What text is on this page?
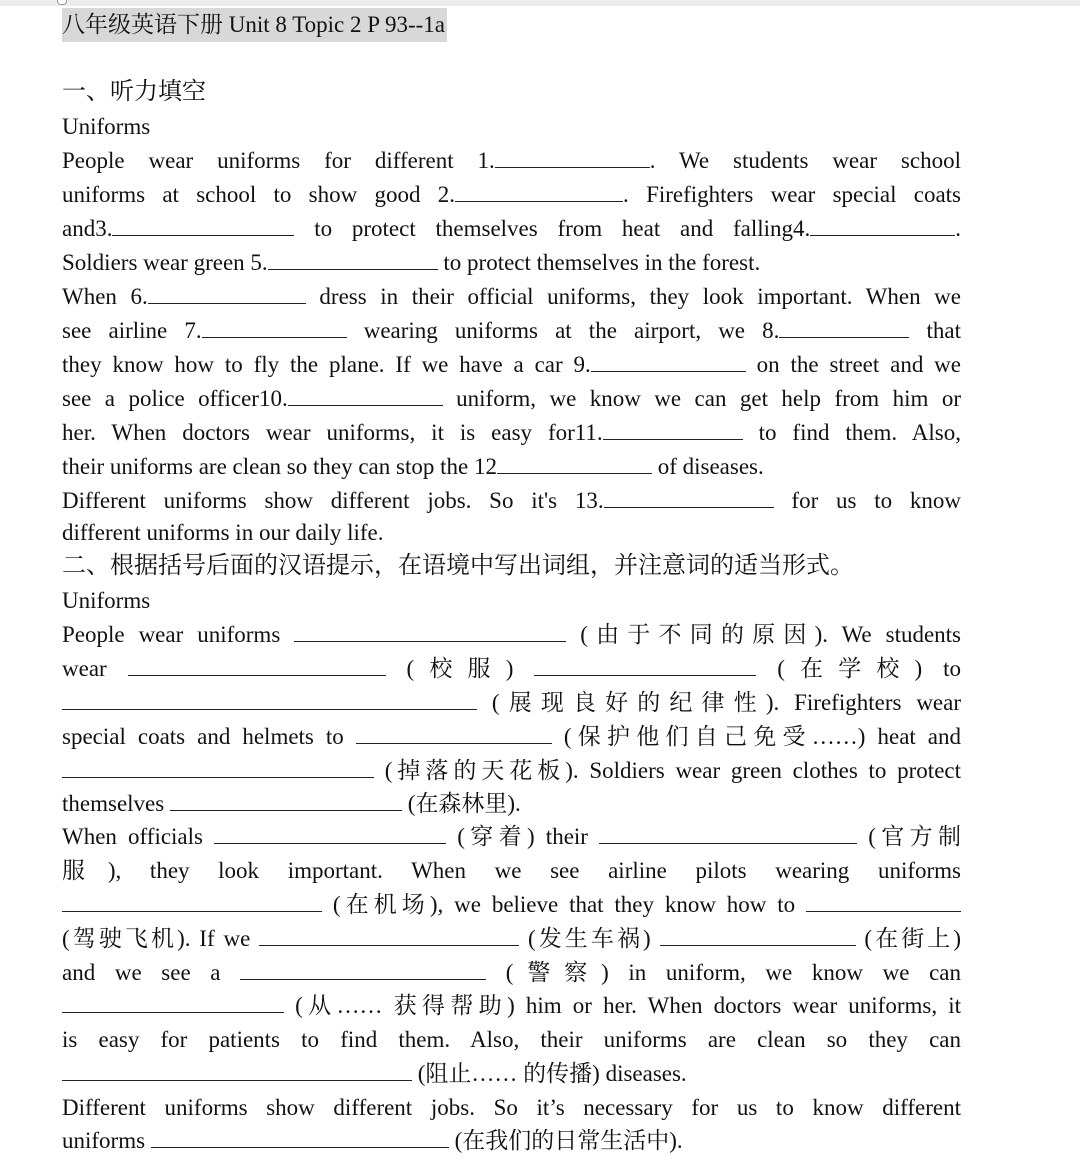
八年级英语下册 Unit 8 Topic 2 P 93--1a
一、听力填空
Uniforms
People wear uniforms for different 1.	. We students wear school
uniforms at school to show good 2.	. Firefighters wear special coats
and3.	to protect themselves from heat and falling4.	.
Soldiers wear green 5.	to protect themselves in the forest.
When 6.	dress in their official uniforms, they look important. When we
see airline 7.	wearing uniforms at the airport, we 8.	that
they know how to fly the plane. If we have a car 9.	on the street and we
see a police officer10.	uniform, we know we can get help from him or
her. When doctors wear uniforms, it is easy for11.	to find them. Also,
their uniforms are clean so they can stop the 12	of diseases.
Different uniforms show different jobs. So it's 13.	for us to know
different uniforms in our daily life.
二、根据括号后面的汉语提示，在语境中写出词组，并注意词的适当形式。
Uniforms
People wear uniforms	(由于不同的原因). We students
wear	(校服)	(在学校) to
(展现良好的纪律性). Firefighters wear
special coats and helmets to	(保护他们自己免受……) heat and
(掉落的天花板). Soldiers wear green clothes to protect
themselves	(在森林里).
When officials	(穿着) their	(官方制
服), they look important. When we see airline pilots wearing uniforms
(在机场), we believe that they know how to
(驾驶飞机). If we	(发生车祸)	(在街上)
and we see a	(警察) in uniform, we know we can
(从…… 获得帮助) him or her. When doctors wear uniforms, it
is easy for patients to find them. Also, their uniforms are clean so they can
(阻止…… 的传播) diseases.
Different uniforms show different jobs. So it’s necessary for us to know different
uniforms	(在我们的日常生活中).
